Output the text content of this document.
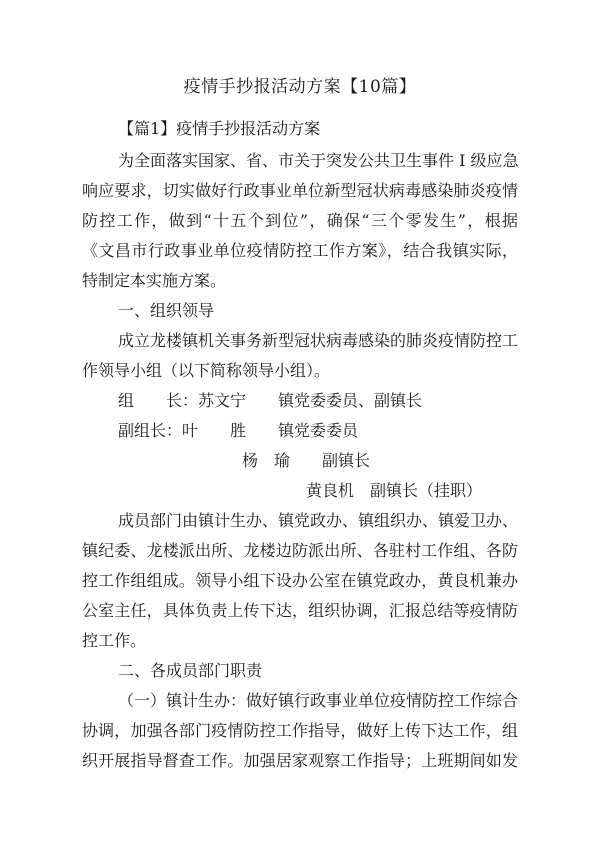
疫情手抄报活动方案【10篇】
【篇1】疫情手抄报活动方案
为全面落实国家、省、市关于突发公共卫生事件 I 级应急
响应要求，切实做好行政事业单位新型冠状病毒感染肺炎疫情
防控工作，做到“十五个到位”，确保“三个零发生”，根据
《文昌市行政事业单位疫情防控工作方案》，结合我镇实际，
特制定本实施方案。
一、组织领导
成立龙楼镇机关事务新型冠状病毒感染的肺炎疫情防控工
作领导小组（以下简称领导小组）。
组　　长：苏文宁　　镇党委委员、副镇长
副组长：叶　　胜　　镇党委委员
杨　瑜　　副镇长
黄良机　副镇长（挂职）
成员部门由镇计生办、镇党政办、镇组织办、镇爱卫办、
镇纪委、龙楼派出所、龙楼边防派出所、各驻村工作组、各防
控工作组组成。领导小组下设办公室在镇党政办，黄良机兼办
公室主任，具体负责上传下达，组织协调，汇报总结等疫情防
控工作。
二、各成员部门职责
（一）镇计生办：做好镇行政事业单位疫情防控工作综合
协调，加强各部门疫情防控工作指导，做好上传下达工作，组
织开展指导督查工作。加强居家观察工作指导；上班期间如发
